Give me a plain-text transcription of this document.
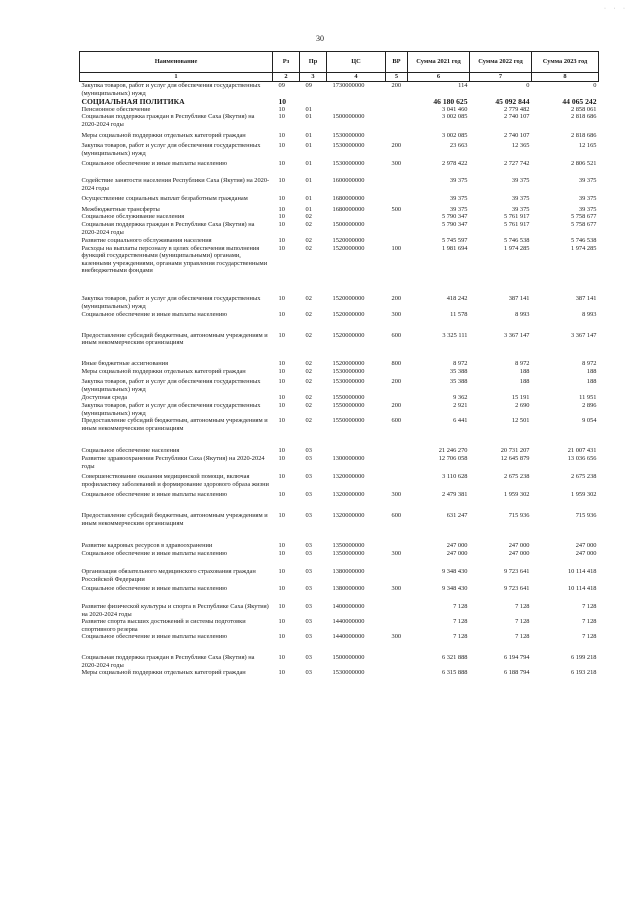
· · ·
30
Наименование	Рз	Пр	ЦС	ВР	Сумма 2021 год	Сумма 2022 год	Сумма 2023 год
1	2	3	4	5	6	7	8
Закупка товаров, работ и услуг для обеспечения государственных (муниципальных) нужд	09	09	1730000000	200	114	0	0
СОЦИАЛЬНАЯ ПОЛИТИКА	10				46 180 625	45 092 844	44 065 242
Пенсионное обеспечение	10	01			3 041 460	2 779 482	2 858 061
Социальная поддержка граждан в Республике Саха (Якутия) на 2020-2024 годы	10	01	1500000000		3 002 085	2 740 107	2 818 686
Меры социальной поддержки отдельных категорий граждан	10	01	1530000000		3 002 085	2 740 107	2 818 686
Закупка товаров, работ и услуг для обеспечения государственных (муниципальных) нужд	10	01	1530000000	200	23 663	12 365	12 165
Социальное обеспечение и иные выплаты населению	10	01	1530000000	300	2 978 422	2 727 742	2 806 521
Содействие занятости населения Республики Саха (Якутия) на 2020-2024 годы	10	01	1600000000		39 375	39 375	39 375
Осуществление социальных выплат безработным гражданам	10	01	1680000000		39 375	39 375	39 375
Межбюджетные трансферты	10	01	1680000000	500	39 375	39 375	39 375
Социальное обслуживание населения	10	02			5 790 347	5 761 917	5 758 677
Социальная поддержка граждан в Республике Саха (Якутия) на 2020-2024 годы	10	02	1500000000		5 790 347	5 761 917	5 758 677
Развитие социального обслуживания населения	10	02	1520000000		5 745 597	5 746 538	5 746 538
Расходы на выплаты персоналу в целях обеспечения выполнения функций государственными (муниципальными) органами, казенными учреждениями, органами управления государственными внебюджетными фондами	10	02	1520000000	100	1 981 694	1 974 285	1 974 285
Закупка товаров, работ и услуг для обеспечения государственных (муниципальных) нужд	10	02	1520000000	200	418 242	387 141	387 141
Социальное обеспечение и иные выплаты населению	10	02	1520000000	300	11 578	8 993	8 993
Предоставление субсидий бюджетным, автономным учреждениям и иным некоммерческим организациям	10	02	1520000000	600	3 325 111	3 367 147	3 367 147
Иные бюджетные ассигнования	10	02	1520000000	800	8 972	8 972	8 972
Меры социальной поддержки отдельных категорий граждан	10	02	1530000000		35 388	188	188
Закупка товаров, работ и услуг для обеспечения государственных (муниципальных) нужд	10	02	1530000000	200	35 388	188	188
Доступная среда	10	02	1550000000		9 362	15 191	11 951
Закупка товаров, работ и услуг для обеспечения государственных (муниципальных) нужд	10	02	1550000000	200	2 921	2 690	2 896
Предоставление субсидий бюджетным, автономным учреждениям и иным некоммерческим организациям	10	02	1550000000	600	6 441	12 501	9 054
Социальное обеспечение населения	10	03			21 246 270	20 731 207	21 007 431
Развитие здравоохранения Республики Саха (Якутия) на 2020-2024 годы	10	03	1300000000		12 706 058	12 645 879	13 036 656
Совершенствование оказания медицинской помощи, включая профилактику заболеваний и формирование здорового образа жизни	10	03	1320000000		3 110 628	2 675 238	2 675 238
Социальное обеспечение и иные выплаты населению	10	03	1320000000	300	2 479 381	1 959 302	1 959 302
Предоставление субсидий бюджетным, автономным учреждениям и иным некоммерческим организациям	10	03	1320000000	600	631 247	715 936	715 936
Развитие кадровых ресурсов в здравоохранении	10	03	1350000000		247 000	247 000	247 000
Социальное обеспечение и иные выплаты населению	10	03	1350000000	300	247 000	247 000	247 000
Организация обязательного медицинского страхования граждан Российской Федерации	10	03	1380000000		9 348 430	9 723 641	10 114 418
Социальное обеспечение и иные выплаты населению	10	03	1380000000	300	9 348 430	9 723 641	10 114 418
Развитие физической культуры и спорта в Республике Саха (Якутия) на 2020-2024 годы	10	03	1400000000		7 128	7 128	7 128
Развитие спорта высших достижений и системы подготовки спортивного резерва	10	03	1440000000		7 128	7 128	7 128
Социальное обеспечение и иные выплаты населению	10	03	1440000000	300	7 128	7 128	7 128
Социальная поддержка граждан в Республике Саха (Якутия) на 2020-2024 годы	10	03	1500000000		6 321 888	6 194 794	6 199 218
Меры социальной поддержки отдельных категорий граждан	10	03	1530000000		6 315 888	6 188 794	6 193 218
